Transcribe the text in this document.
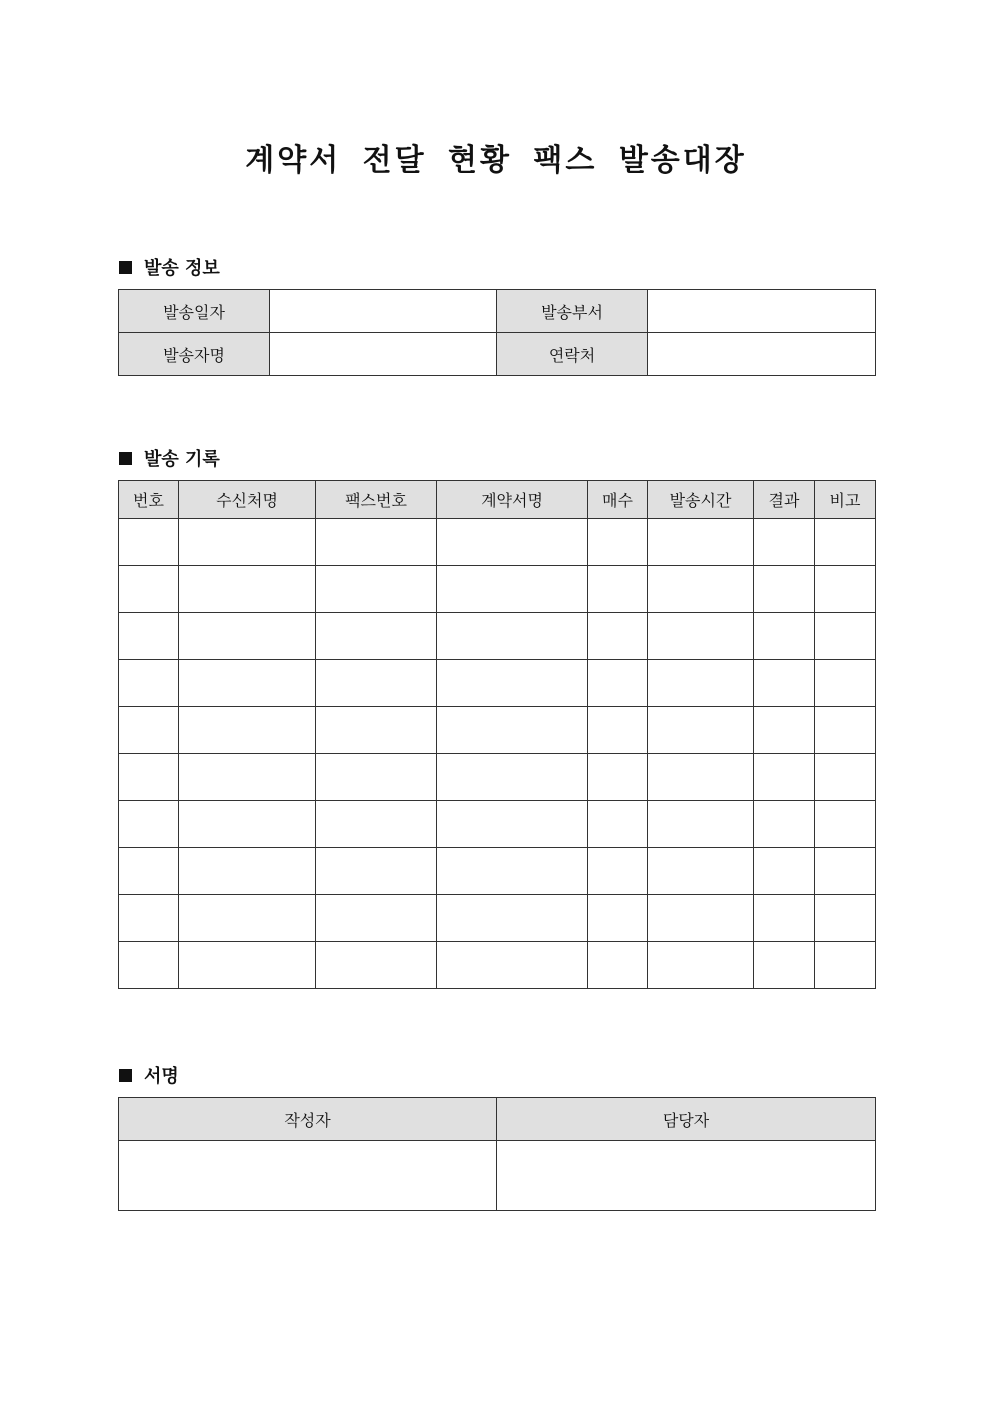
계약서 전달 현황 팩스 발송대장
발송 정보
발송일자		발송부서	
발송자명		연락처	
발송 기록
번호	수신처명	팩스번호	계약서명	매수	발송시간	결과	비고

서명
작성자	담당자
